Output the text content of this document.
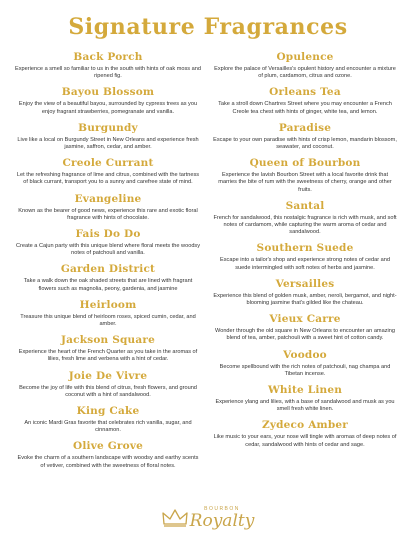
Signature Fragrances
Back Porch

Experience a smell so familiar to us in the south with hints of oak moss and ripened fig.

Bayou Blossom

Enjoy the view of a beautiful bayou, surrounded by cypress trees as you enjoy fragrant strawberries, pomegranate and vanilla.

Burgundy

Live like a local on Burgundy Street in New Orleans and experience fresh jasmine, saffron, cedar, and amber.

Creole Currant

Let the refreshing fragrance of lime and citrus, combined with the tartness of black currant, transport you to a sunny and carefree state of mind.

Evangeline

Known as the bearer of good news, experience this rare and exotic floral fragrance with hints of chocolate.

Fais Do Do

Create a Cajun party with this unique blend where floral meets the woodsy notes of patchouli and vanilla.

Garden District

Take a walk down the oak shaded streets that are lined with fragrant flowers such as magnolia, peony, gardenia, and jasmine

Heirloom

Treasure this unique blend of heirloom roses, spiced cumin, cedar, and amber.

Jackson Square

Experience the heart of the French Quarter as you take in the aromas of lilies, fresh lime and verbena with a hint of cedar.

Joie De Vivre

Become the joy of life with this blend of citrus, fresh flowers, and ground coconut with a hint of sandalwood.

King Cake

An iconic Mardi Gras favorite that celebrates rich vanilla, sugar, and cinnamon.

Olive Grove

Evoke the charm of a southern landscape with woodsy and earthy scents of vetiver, combined with the sweetness of floral notes.

Opulence

Explore the palace of Versailles's opulent history and encounter a mixture of plum, cardamom, citrus and ozone.

Orleans Tea

Take a stroll down Chartres Street where you may encounter a French Creole tea chest with hints of ginger, white tea, and lemon.

Paradise

Escape to your own paradise with hints of crisp lemon, mandarin blossom, seawater, and coconut.

Queen of Bourbon

Experience the lavish Bourbon Street with a local favorite drink that marries the bite of rum with the sweetness of cherry, orange and other fruits.

Santal

French for sandalwood, this nostalgic fragrance is rich with musk, and soft notes of cardamom, while capturing the warm aroma of cedar and sandalwood.

Southern Suede

Escape into a tailor's shop and experience strong notes of cedar and suede intermingled with soft notes of herbs and jasmine.

Versailles

Experience this blend of golden musk, amber, neroli, bergamot, and night-blooming jasmine that's gilded like the chateau.

Vieux Carre

Wonder through the old square in New Orleans to encounter an amazing blend of tea, amber, patchouli with a sweet hint of cotton candy.

Voodoo

Become spellbound with the rich notes of patchouli, nag champa and Tibetan incense.

White Linen

Experience ylang and lilies, with a base of sandalwood and musk as you smell fresh white linen.

Zydeco Amber

Like music to your ears, your nose will tingle with aromas of deep notes of cedar, sandalwood with hints of cedar and sage.

BOURBON
Royalty
